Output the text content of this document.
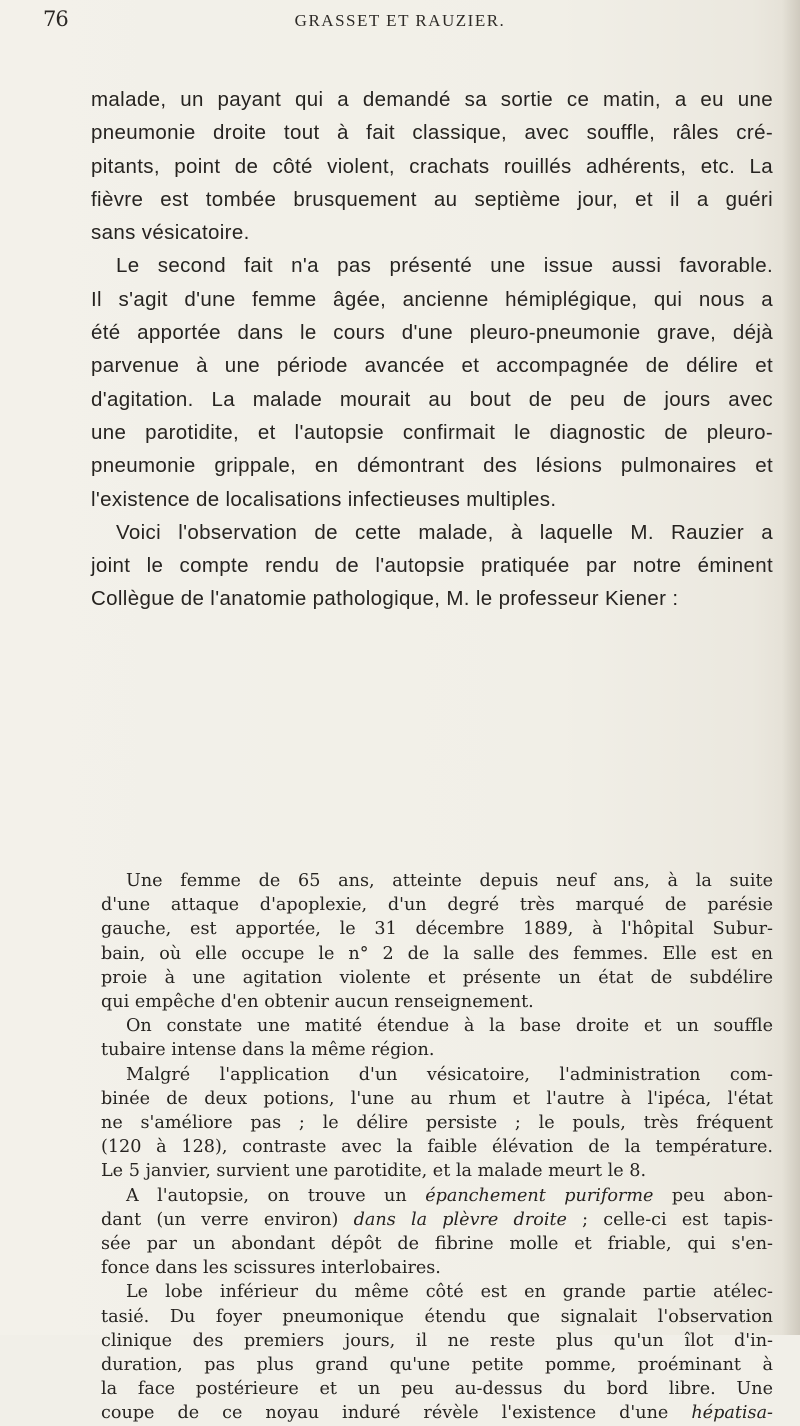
76	GRASSET ET RAUZIER.
malade, un payant qui a demandé sa sortie ce matin, a eu une
pneumonie droite tout à fait classique, avec souffle, râles cré-
pitants, point de côté violent, crachats rouillés adhérents, etc. La
fièvre est tombée brusquement au septième jour, et il a guéri
sans vésicatoire.
Le second fait n'a pas présenté une issue aussi favorable.
Il s'agit d'une femme âgée, ancienne hémiplégique, qui nous a
été apportée dans le cours d'une pleuro-pneumonie grave, déjà
parvenue à une période avancée et accompagnée de délire et
d'agitation. La malade mourait au bout de peu de jours avec
une parotidite, et l'autopsie confirmait le diagnostic de pleuro-
pneumonie grippale, en démontrant des lésions pulmonaires et
l'existence de localisations infectieuses multiples.
Voici l'observation de cette malade, à laquelle M. Rauzier a
joint le compte rendu de l'autopsie pratiquée par notre éminent
Collègue de l'anatomie pathologique, M. le professeur Kiener :
Une femme de 65 ans, atteinte depuis neuf ans, à la suite
d'une attaque d'apoplexie, d'un degré très marqué de parésie
gauche, est apportée, le 31 décembre 1889, à l'hôpital Subur-
bain, où elle occupe le n° 2 de la salle des femmes. Elle est en
proie à une agitation violente et présente un état de subdélire
qui empêche d'en obtenir aucun renseignement.
On constate une matité étendue à la base droite et un souffle
tubaire intense dans la même région.
Malgré l'application d'un vésicatoire, l'administration com-
binée de deux potions, l'une au rhum et l'autre à l'ipéca, l'état
ne s'améliore pas ; le délire persiste ; le pouls, très fréquent
(120 à 128), contraste avec la faible élévation de la température.
Le 5 janvier, survient une parotidite, et la malade meurt le 8.
A l'autopsie, on trouve un épanchement puriforme peu abon-
dant (un verre environ) dans la plèvre droite ; celle-ci est tapis-
sée par un abondant dépôt de fibrine molle et friable, qui s'en-
fonce dans les scissures interlobaires.
Le lobe inférieur du même côté est en grande partie atélec-
tasié. Du foyer pneumonique étendu que signalait l'observation
clinique des premiers jours, il ne reste plus qu'un îlot d'in-
duration, pas plus grand qu'une petite pomme, proéminant à
la face postérieure et un peu au-dessus du bord libre. Une
coupe de ce noyau induré révèle l'existence d'une hépatisa-
